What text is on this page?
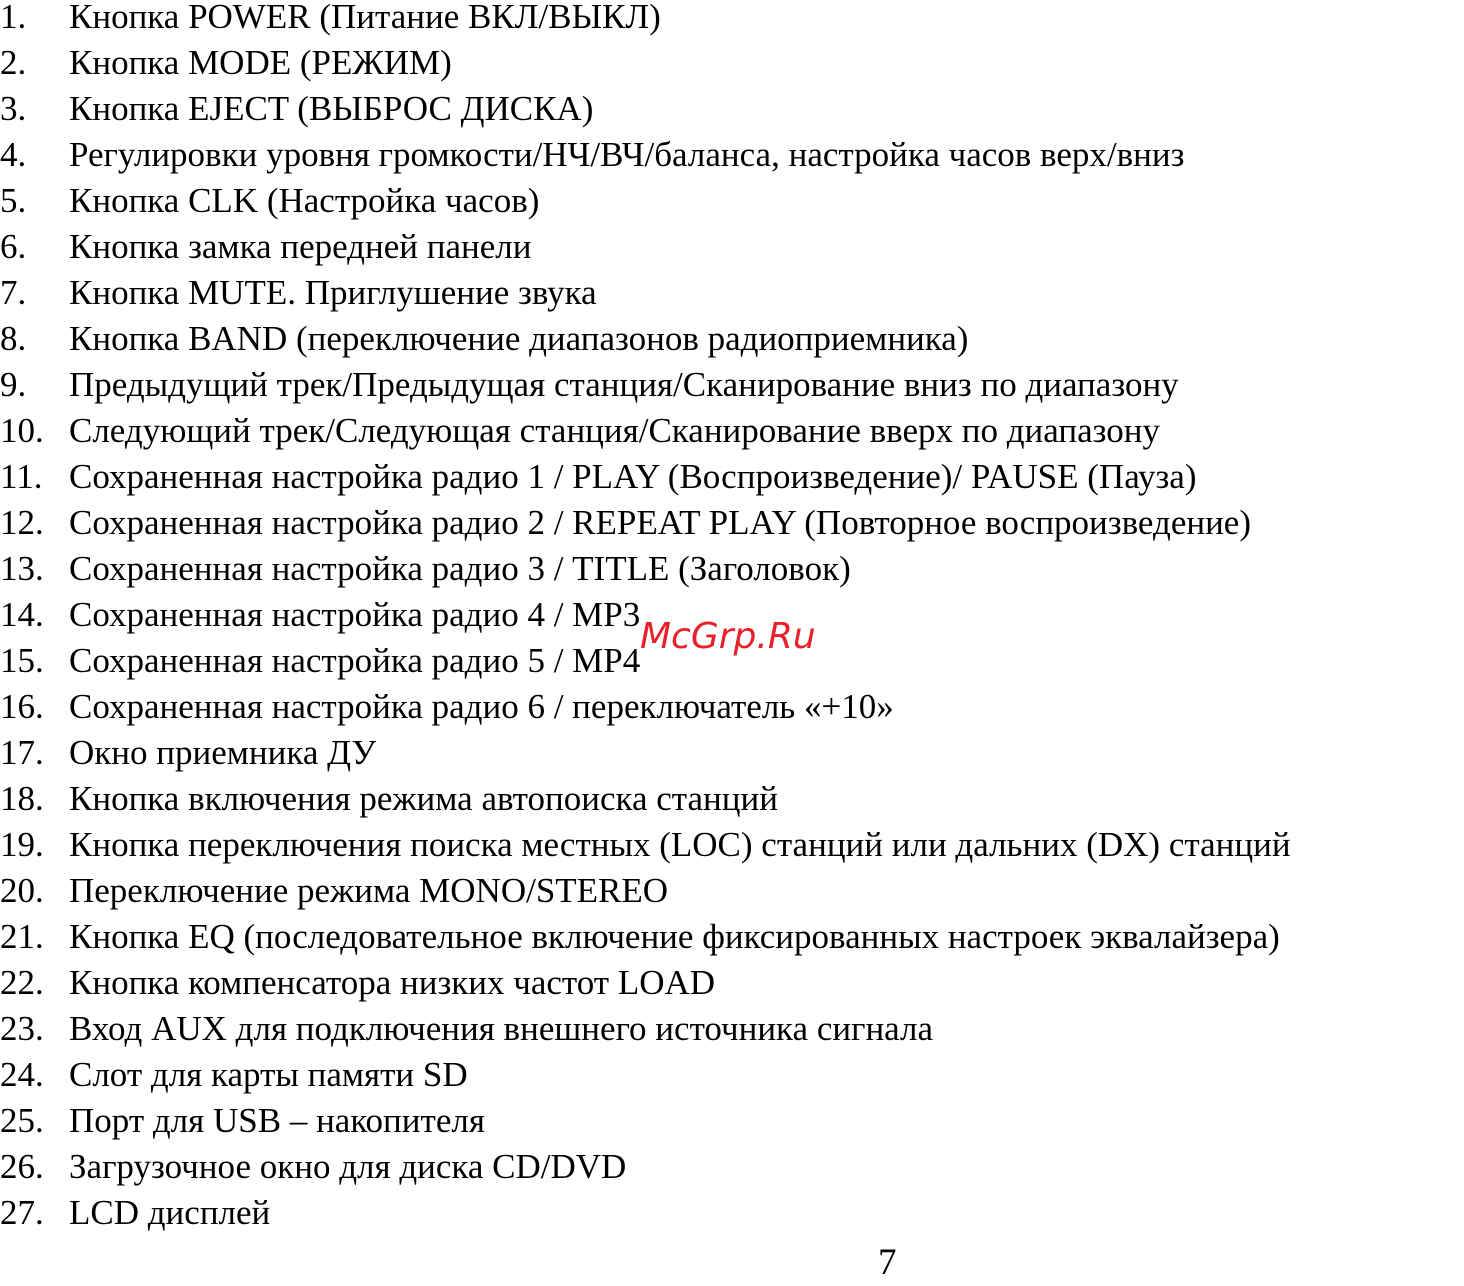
1. Кнопка POWER (Питание ВКЛ/ВЫКЛ)
2. Кнопка MODE (РЕЖИМ)
3. Кнопка EJECT (ВЫБРОС ДИСКА)
4. Регулировки уровня громкости/НЧ/ВЧ/баланса, настройка часов верх/вниз
5. Кнопка CLK (Настройка часов)
6. Кнопка замка передней панели
7. Кнопка MUTE. Приглушение звука
8. Кнопка BAND (переключение диапазонов радиоприемника)
9. Предыдущий трек/Предыдущая станция/Сканирование вниз по диапазону
10. Следующий трек/Следующая станция/Сканирование вверх по диапазону
11. Сохраненная настройка радио 1 / PLAY (Воспроизведение)/ PAUSE (Пауза)
12. Сохраненная настройка радио 2 / REPEAT PLAY (Повторное воспроизведение)
13. Сохраненная настройка радио 3 / TITLE (Заголовок)
14. Сохраненная настройка радио 4 / MP3
15. Сохраненная настройка радио 5 / MP4
16. Сохраненная настройка радио 6 / переключатель «+10»
17. Окно приемника ДУ
18. Кнопка включения режима автопоиска станций
19. Кнопка переключения поиска местных (LOC) станций или дальних (DX) станций
20. Переключение режима MONO/STEREO
21. Кнопка EQ (последовательное включение фиксированных настроек эквалайзера)
22. Кнопка компенсатора низких частот LOAD
23. Вход AUX для подключения внешнего источника сигнала
24. Слот для карты памяти SD
25. Порт для USB – накопителя
26. Загрузочное окно для диска CD/DVD
27. LCD дисплей
McGrp.Ru
7
